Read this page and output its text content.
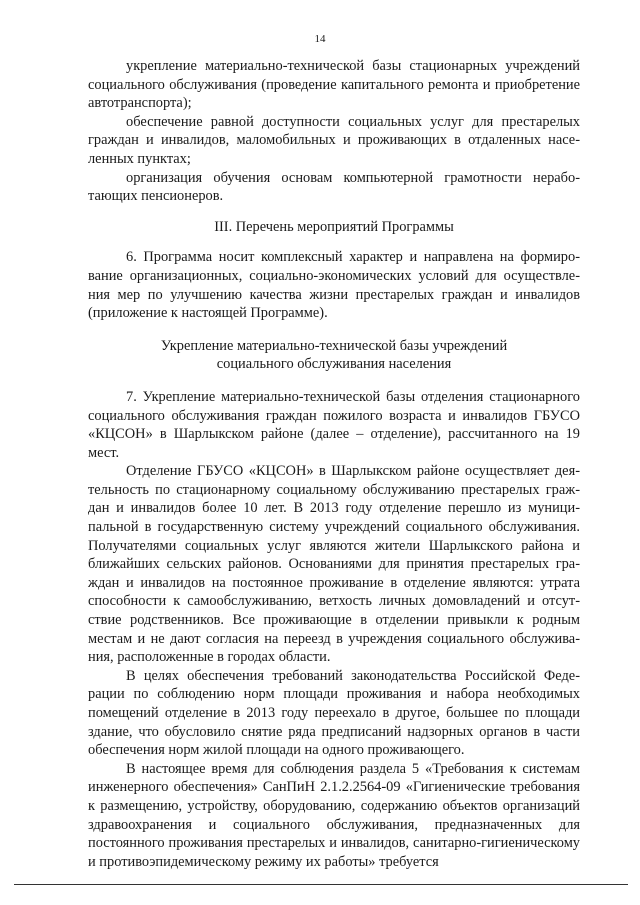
14

укрепление материально-технической базы стационарных учреждений социального обслуживания (проведение капитального ремонта и приобретение автотранспорта);

обеспечение равной доступности социальных услуг для престарелых граждан и инвалидов, маломобильных и проживающих в отдаленных населенных пунктах;

организация обучения основам компьютерной грамотности неработающих пенсионеров.

III. Перечень мероприятий Программы

6. Программа носит комплексный характер и направлена на формирование организационных, социально-экономических условий для осуществления мер по улучшению качества жизни престарелых граждан и инвалидов (приложение к настоящей Программе).

Укрепление материально-технической базы учреждений

социального обслуживания населения

7. Укрепление материально-технической базы отделения стационарного социального обслуживания граждан пожилого возраста и инвалидов ГБУСО «КЦСОН» в Шарлыкском районе (далее – отделение), рассчитанного на 19 мест.

Отделение ГБУСО «КЦСОН» в Шарлыкском районе осуществляет деятельность по стационарному социальному обслуживанию престарелых граждан и инвалидов более 10 лет. В 2013 году отделение перешло из муниципальной в государственную систему учреждений социального обслуживания. Получателями социальных услуг являются жители Шарлыкского района и ближайших сельских районов. Основаниями для принятия престарелых граждан и инвалидов на постоянное проживание в отделение являются: утрата способности к самообслуживанию, ветхость личных домовладений и отсутствие родственников. Все проживающие в отделении привыкли к родным местам и не дают согласия на переезд в учреждения социального обслуживания, расположенные в городах области.

В целях обеспечения требований законодательства Российской Федерации по соблюдению норм площади проживания и набора необходимых помещений отделение в 2013 году переехало в другое, большее по площади здание, что обусловило снятие ряда предписаний надзорных органов в части обеспечения норм жилой площади на одного проживающего.

В настоящее время для соблюдения раздела 5 «Требования к системам инженерного обеспечения» СанПиН 2.1.2.2564-09 «Гигиенические требования к размещению, устройству, оборудованию, содержанию объектов организаций здравоохранения и социального обслуживания, предназначенных для постоянного проживания престарелых и инвалидов, санитарно-гигиеническому и противоэпидемическому режиму их работы» требуется
